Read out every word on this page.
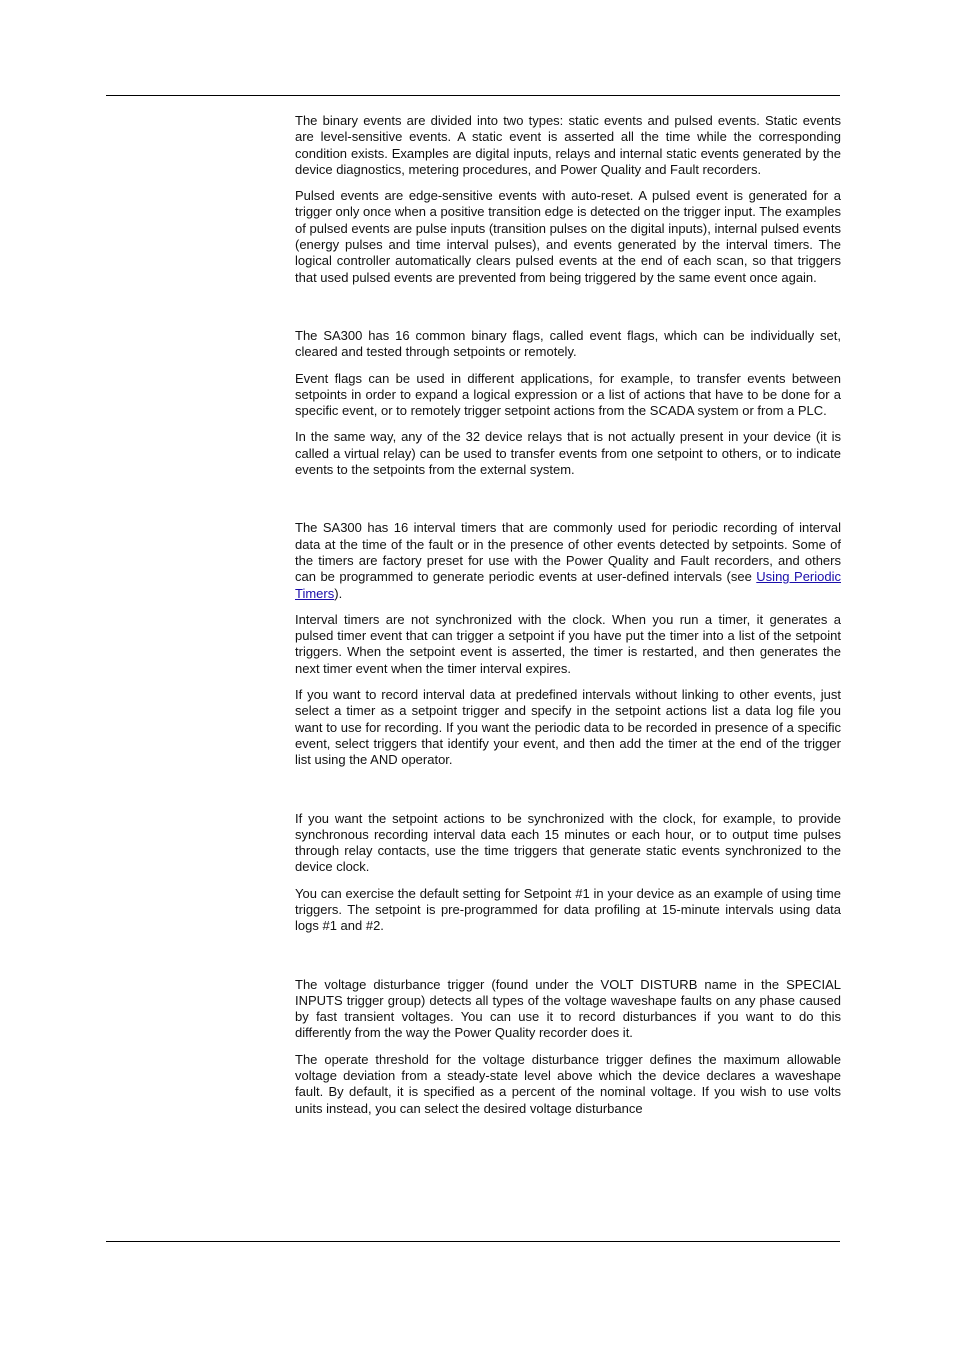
The binary events are divided into two types: static events and pulsed events. Static events are level-sensitive events. A static event is asserted all the time while the corresponding condition exists. Examples are digital inputs, relays and internal static events generated by the device diagnostics, metering procedures, and Power Quality and Fault recorders.

Pulsed events are edge-sensitive events with auto-reset. A pulsed event is generated for a trigger only once when a positive transition edge is detected on the trigger input. The examples of pulsed events are pulse inputs (transition pulses on the digital inputs), internal pulsed events (energy pulses and time interval pulses), and events generated by the interval timers. The logical controller automatically clears pulsed events at the end of each scan, so that triggers that used pulsed events are prevented from being triggered by the same event once again.

The SA300 has 16 common binary flags, called event flags, which can be individually set, cleared and tested through setpoints or remotely.

Event flags can be used in different applications, for example, to transfer events between setpoints in order to expand a logical expression or a list of actions that have to be done for a specific event, or to remotely trigger setpoint actions from the SCADA system or from a PLC.

In the same way, any of the 32 device relays that is not actually present in your device (it is called a virtual relay) can be used to transfer events from one setpoint to others, or to indicate events to the setpoints from the external system.

The SA300 has 16 interval timers that are commonly used for periodic recording of interval data at the time of the fault or in the presence of other events detected by setpoints. Some of the timers are factory preset for use with the Power Quality and Fault recorders, and others can be programmed to generate periodic events at user-defined intervals (see Using Periodic Timers).

Interval timers are not synchronized with the clock. When you run a timer, it generates a pulsed timer event that can trigger a setpoint if you have put the timer into a list of the setpoint triggers. When the setpoint event is asserted, the timer is restarted, and then generates the next timer event when the timer interval expires.

If you want to record interval data at predefined intervals without linking to other events, just select a timer as a setpoint trigger and specify in the setpoint actions list a data log file you want to use for recording. If you want the periodic data to be recorded in presence of a specific event, select triggers that identify your event, and then add the timer at the end of the trigger list using the AND operator.

If you want the setpoint actions to be synchronized with the clock, for example, to provide synchronous recording interval data each 15 minutes or each hour, or to output time pulses through relay contacts, use the time triggers that generate static events synchronized to the device clock.

You can exercise the default setting for Setpoint #1 in your device as an example of using time triggers. The setpoint is pre-programmed for data profiling at 15-minute intervals using data logs #1 and #2.

The voltage disturbance trigger (found under the VOLT DISTURB name in the SPECIAL INPUTS trigger group) detects all types of the voltage waveshape faults on any phase caused by fast transient voltages. You can use it to record disturbances if you want to do this differently from the way the Power Quality recorder does it.

The operate threshold for the voltage disturbance trigger defines the maximum allowable voltage deviation from a steady-state level above which the device declares a waveshape fault. By default, it is specified as a percent of the nominal voltage. If you wish to use volts units instead, you can select the desired voltage disturbance
